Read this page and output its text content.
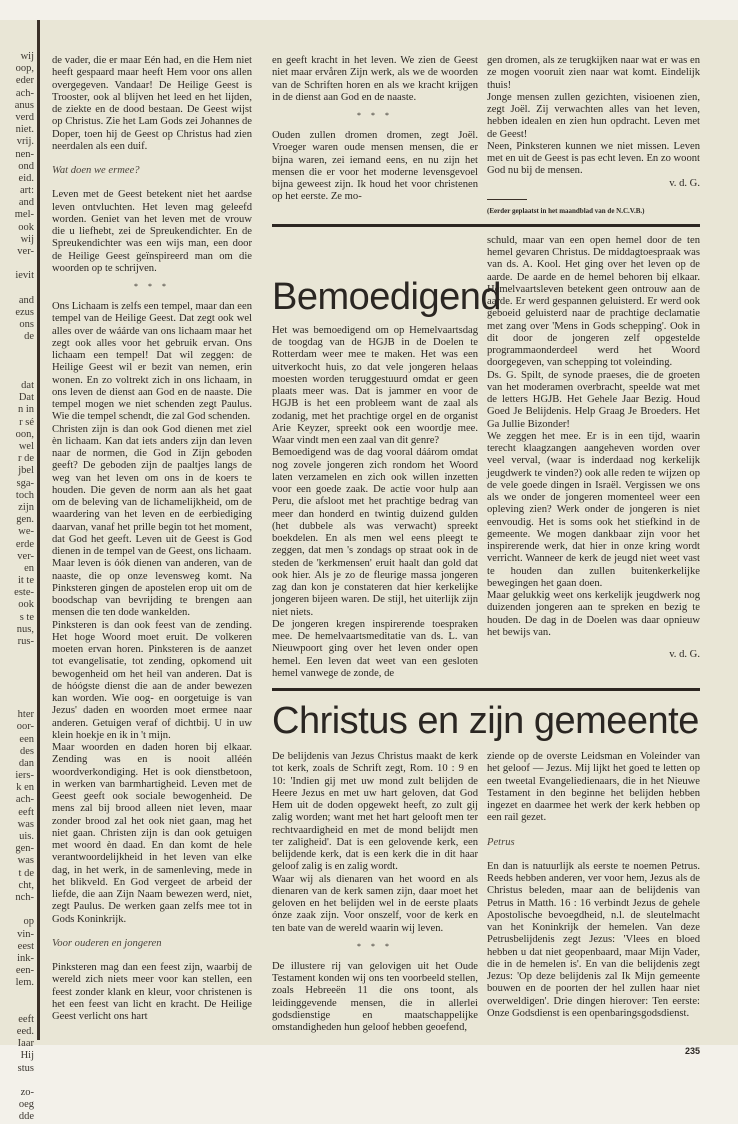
wij
oop,
eder
ach-
anus
verd
niet.
vrij.
nen-
ond
eid.
art:
and
mel-
ook
wij
ver-
ievit
and
ezus
ons
de
dat
Dat
n in
r sé
oon,
wel
r de
jbel
sga-
toch
zijn
gen.
we-
erde
ver-
en
it te
este-
ook
s te
nus,
rus-
hter
oor-
een
des
dan
iers-
k en
ach-
eeft
was
uis.
gen-
was
t de
cht,
nch-
op
vin-
eest
ink-
een-
lem.
eeft
eed.
Iaar
Hij
stus
zo-
oeg
dde

de vader, die er maar Eén had, en die Hem niet heeft gespaard maar heeft Hem voor ons allen overgegeven. Vandaar! De Heilige Geest is Trooster, ook al blijven het leed en het lijden, de ziekte en de dood bestaan. De Geest wijst op Christus. Zie het Lam Gods zei Johannes de Doper, toen hij de Geest op Christus had zien neerdalen als een duif.

Wat doen we ermee?

Leven met de Geest betekent niet het aardse leven ontvluchten. Het leven mag geleefd worden. Geniet van het leven met de vrouw die u liefhebt, zei de Spreukendichter. En de Spreukendichter was een wijs man, een door de Heilige Geest geïnspireerd man om die woorden op te schrijven.

* * *

Ons Lichaam is zelfs een tempel, maar dan een tempel van de Heilige Geest. Dat zegt ook wel alles over de wáárde van ons lichaam maar het zegt ook alles voor het gebruik ervan. Ons lichaam een tempel! Dat wil zeggen: de Heilige Geest wil er bezit van nemen, erin wonen. En zo voltrekt zich in ons lichaam, in ons leven de dienst aan God en de naaste. Die tempel mogen we niet schenden zegt Paulus. Wie die tempel schendt, die zal God schenden.

Christen zijn is dan ook God dienen met ziel èn lichaam. Kan dat iets anders zijn dan leven naar de normen, die God in Zijn geboden geeft? De geboden zijn de paaltjes langs de weg van het leven om ons in de koers te houden. Die geven de norm aan als het gaat om de beleving van de lichamelijkheid, om de waardering van het leven en de eerbiediging daarvan, vanaf het prille begin tot het moment, dat God het geeft. Leven uit de Geest is God dienen in de tempel van de Geest, ons lichaam.

Maar leven is óók dienen van anderen, van de naaste, die op onze levensweg komt. Na Pinksteren gingen de apostelen erop uit om de boodschap van bevrijding te brengen aan mensen die ten dode wankelden.

Pinksteren is dan ook feest van de zending. Het hoge Woord moet eruit. De volkeren moeten ervan horen. Pinksteren is de aanzet tot evangelisatie, tot zending, opkomend uit bewogenheid om het heil van anderen. Dat is de hóógste dienst die aan de ander bewezen kan worden. Wie oog- en oorgetuige is van Jezus' daden en woorden moet ermee naar anderen. Getuigen veraf of dichtbij. U in uw klein hoekje en ik in 't mijn.

Maar woorden en daden horen bij elkaar. Zending was en is nooit alléén woordverkondiging. Het is ook dienstbetoon, in werken van barmhartigheid. Leven met de Geest geeft ook sociale bewogenheid. De mens zal bij brood alleen niet leven, maar zonder brood zal het ook niet gaan, mag het niet gaan. Christen zijn is dan ook getuigen met woord èn daad. En dan komt de hele verantwoordelijkheid in het leven van elke dag, in het werk, in de samenleving, mede in het blikveld. En God vergeet de arbeid der liefde, die aan Zijn Naam bewezen werd, niet, zegt Paulus. De werken gaan zelfs mee tot in Gods Koninkrijk.

Voor ouderen en jongeren

Pinksteren mag dan een feest zijn, waarbij de wereld zich niets meer voor kan stellen, een feest zonder klank en kleur, voor christenen is het een feest van licht en kracht. De Heilige Geest verlicht ons hart

en geeft kracht in het leven. We zien de Geest niet maar ervåren Zijn werk, als we de woorden van de Schriften horen en als we kracht krijgen in de dienst aan God en de naaste.

* * *

Ouden zullen dromen dromen, zegt Joël. Vroeger waren oude mensen mensen, die er bijna waren, zei iemand eens, en nu zijn het mensen die er voor het moderne levensgevoel bijna geweest zijn. Ik houd het voor christenen op het eerste. Ze mo-

gen dromen, als ze terugkijken naar wat er was en ze mogen vooruit zien naar wat komt. Eindelijk thuis!

Jonge mensen zullen gezichten, visioenen zien, zegt Joël. Zij verwachten alles van het leven, hebben idealen en zien hun opdracht. Leven met de Geest!

Neen, Pinksteren kunnen we niet missen. Leven met en uit de Geest is pas echt leven. En zo woont God nu bij de mensen.

v. d. G.

(Eerder geplaatst in het maandblad van de N.C.V.B.)

Bemoedigend

Het was bemoedigend om op Hemelvaartsdag de toogdag van de HGJB in de Doelen te Rotterdam weer mee te maken. Het was een uitverkocht huis, zo dat vele jongeren helaas moesten worden teruggestuurd omdat er geen plaats meer was. Dat is jammer en voor de HGJB is het een probleem want de zaal als zodanig, met het prachtige orgel en de organist Arie Keyzer, spreekt ook een woordje mee. Waar vindt men een zaal van dit genre?

Bemoedigend was de dag vooral dáárom omdat nog zovele jongeren zich rondom het Woord laten verzamelen en zich ook willen inzetten voor een goede zaak. De actie voor hulp aan Peru, die afsloot met het prachtige bedrag van meer dan honderd en twintig duizend gulden (het dubbele als was verwacht) spreekt boekdelen. En als men wel eens pleegt te zeggen, dat men 's zondags op straat ook in de steden de 'kerkmensen' eruit haalt dan gold dat ook hier. Als je zo de fleurige massa jongeren zag dan kon je constateren dat hier kerkelijke jongeren bijeen waren. De stijl, het uiterlijk zijn niet niets.

De jongeren kregen inspirerende toespraken mee. De hemelvaartsmeditatie van ds. L. van Nieuwpoort ging over het leven onder open hemel. Een leven dat weet van een gesloten hemel vanwege de zonde, de

schuld, maar van een open hemel door de ten hemel gevaren Christus. De middagtoespraak was van ds. A. Kool. Het ging over het leven op de aarde. De aarde en de hemel behoren bij elkaar. Hemelvaartsleven betekent geen ontrouw aan de aarde. Er werd gespannen geluisterd. Er werd ook geboeid geluisterd naar de prachtige declamatie met zang over 'Mens in Gods schepping'. Ook in dit door de jongeren zelf opgestelde programmaonderdeel werd het Woord doorgegeven, van schepping tot voleinding.

Ds. G. Spilt, de synode praeses, die de groeten van het moderamen overbracht, speelde wat met de letters HGJB. Het Gehele Jaar Bezig. Houd Goed Je Belijdenis. Help Graag Je Broeders. Het Ga Jullie Bizonder!

We zeggen het mee. Er is in een tijd, waarin terecht klaagzangen aangeheven worden over veel verval, (waar is inderdaad nog kerkelijk jeugdwerk te vinden?) ook alle reden te wijzen op de vele goede dingen in Israël. Vergissen we ons als we onder de jongeren momenteel weer een opleving zien? Werk onder de jongeren is niet eenvoudig. Het is soms ook het stiefkind in de gemeente. We mogen dankbaar zijn voor het inspirerende werk, dat hier in onze kring wordt verricht. Wanneer de kerk de jeugd niet weet vast te houden dan zullen buitenkerkelijke bewegingen het gaan doen.

Maar gelukkig weet ons kerkelijk jeugdwerk nog duizenden jongeren aan te spreken en bezig te houden. De dag in de Doelen was daar opnieuw het bewijs van.

v. d. G.

Christus en zijn gemeente

De belijdenis van Jezus Christus maakt de kerk tot kerk, zoals de Schrift zegt, Rom. 10 : 9 en 10: 'Indien gij met uw mond zult belijden de Heere Jezus en met uw hart geloven, dat God Hem uit de doden opgewekt heeft, zo zult gij zalig worden; want met het hart gelooft men ter rechtvaardigheid en met de mond belijdt men ter zaligheid'. Dat is een gelovende kerk, een belijdende kerk, dat is een kerk die in dit haar geloof zalig is en zalig wordt.

Waar wij als dienaren van het woord en als dienaren van de kerk samen zijn, daar moet het geloven en het belijden wel in de eerste plaats ónze zaak zijn. Voor onszelf, voor de kerk en ten bate van de wereld waarin wij leven.

* * *

De illustere rij van gelovigen uit het Oude Testament konden wij ons ten voorbeeld stellen, zoals Hebreeën 11 die ons toont, als leidinggevende mensen, die in allerlei godsdienstige en maatschappelijke omstandigheden hun geloof hebben geoefend,

ziende op de overste Leidsman en Voleinder van het geloof — Jezus. Mij lijkt het goed te letten op een tweetal Evangeliedienaars, die in het Nieuwe Testament in den beginne het belijden hebben ingezet en daarmee het werk der kerk hebben op een rail gezet.

Petrus

En dan is natuurlijk als eerste te noemen Petrus. Reeds hebben anderen, ver voor hem, Jezus als de Christus beleden, maar aan de belijdenis van Petrus in Matth. 16 : 16 verbindt Jezus de gehele Apostolische bevoegdheid, n.l. de sleutelmacht van het Koninkrijk der hemelen. Van deze Petrusbelijdenis zegt Jezus: 'Vlees en bloed hebben u dat niet geopenbaard, maar Mijn Vader, die in de hemelen is'. En van die belijdenis zegt Jezus: 'Op deze belijdenis zal Ik Mijn gemeente bouwen en de poorten der hel zullen haar niet overweldigen'. Drie dingen hierover: Ten eerste: Onze Godsdienst is een openbaringsgodsdienst.

235
